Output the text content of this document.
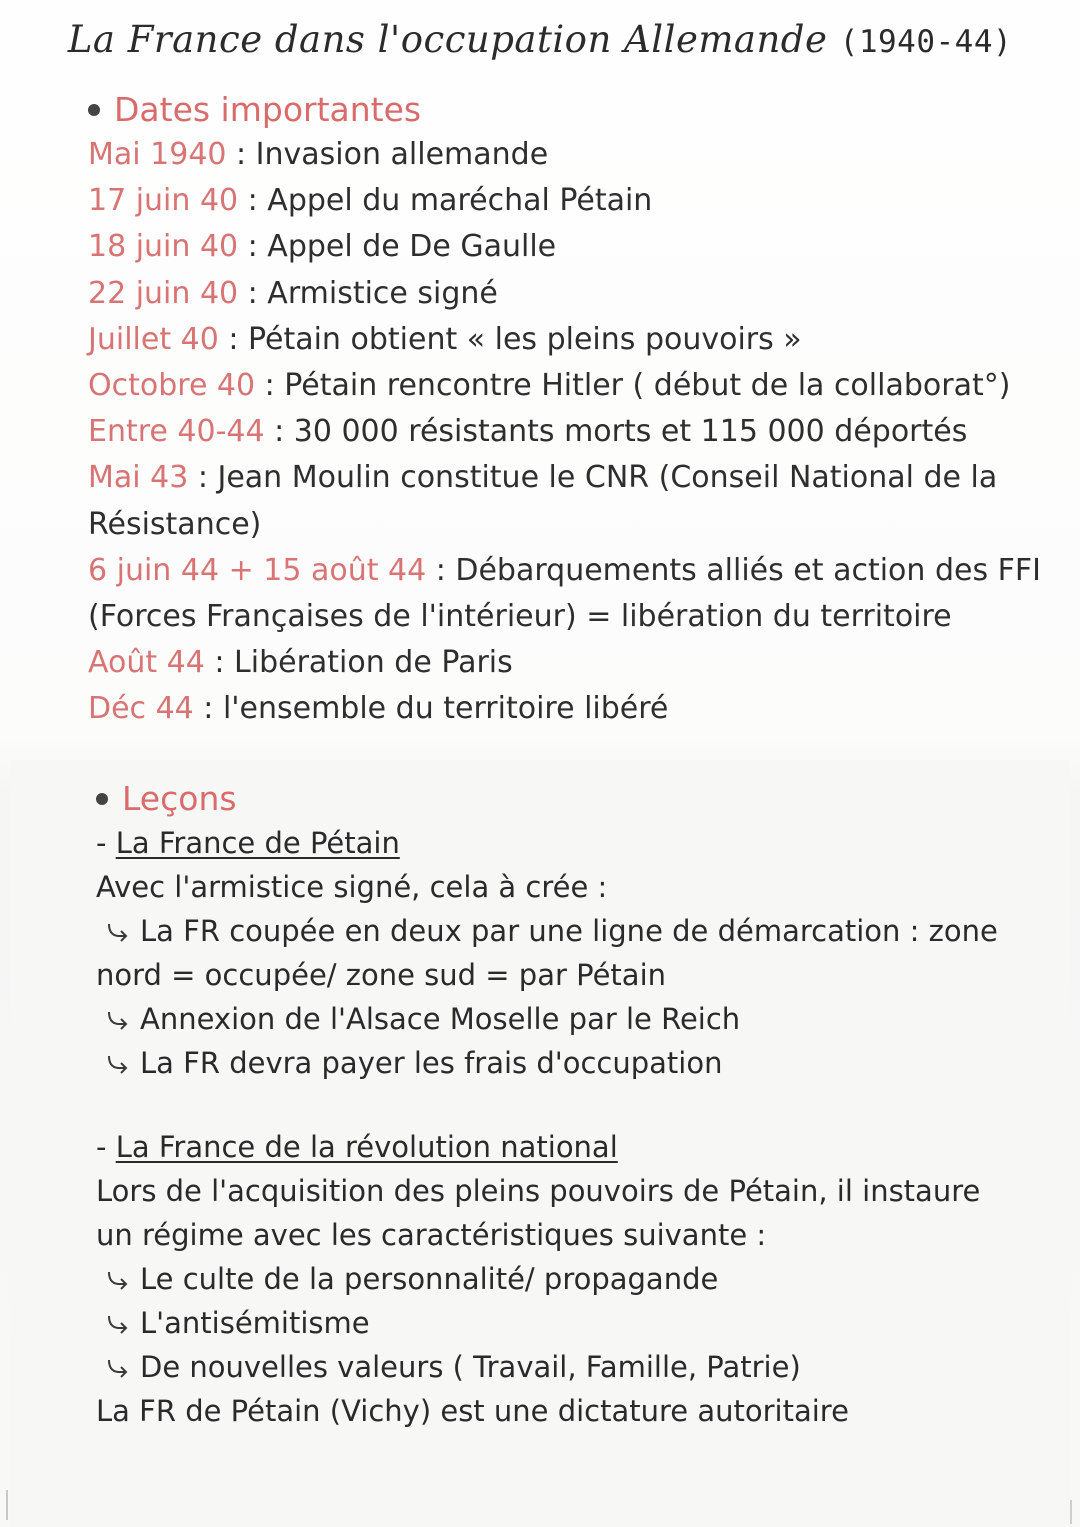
La France dans l'occupation Allemande (1940-44)
Dates importantes
Mai 1940 : Invasion allemande
17 juin 40 : Appel du maréchal Pétain
18 juin 40 : Appel de De Gaulle
22 juin 40 : Armistice signé
Juillet 40 : Pétain obtient « les pleins pouvoirs »
Octobre 40 : Pétain rencontre Hitler ( début de la collaborat°)
Entre 40-44 : 30 000 résistants morts et 115 000 déportés
Mai 43 : Jean Moulin constitue le CNR (Conseil National de la
Résistance)
6 juin 44 + 15 août 44 : Débarquements alliés et action des FFI
(Forces Françaises de l'intérieur) = libération du territoire
Août 44 : Libération de Paris
Déc 44 : l'ensemble du territoire libéré
Leçons
- La France de Pétain
Avec l'armistice signé, cela à crée :
La FR coupée en deux par une ligne de démarcation : zone
nord = occupée/ zone sud = par Pétain
Annexion de l'Alsace Moselle par le Reich
La FR devra payer les frais d'occupation
- La France de la révolution national
Lors de l'acquisition des pleins pouvoirs de Pétain, il instaure
un régime avec les caractéristiques suivante :
Le culte de la personnalité/ propagande
L'antisémitisme
De nouvelles valeurs ( Travail, Famille, Patrie)
La FR de Pétain (Vichy) est une dictature autoritaire
